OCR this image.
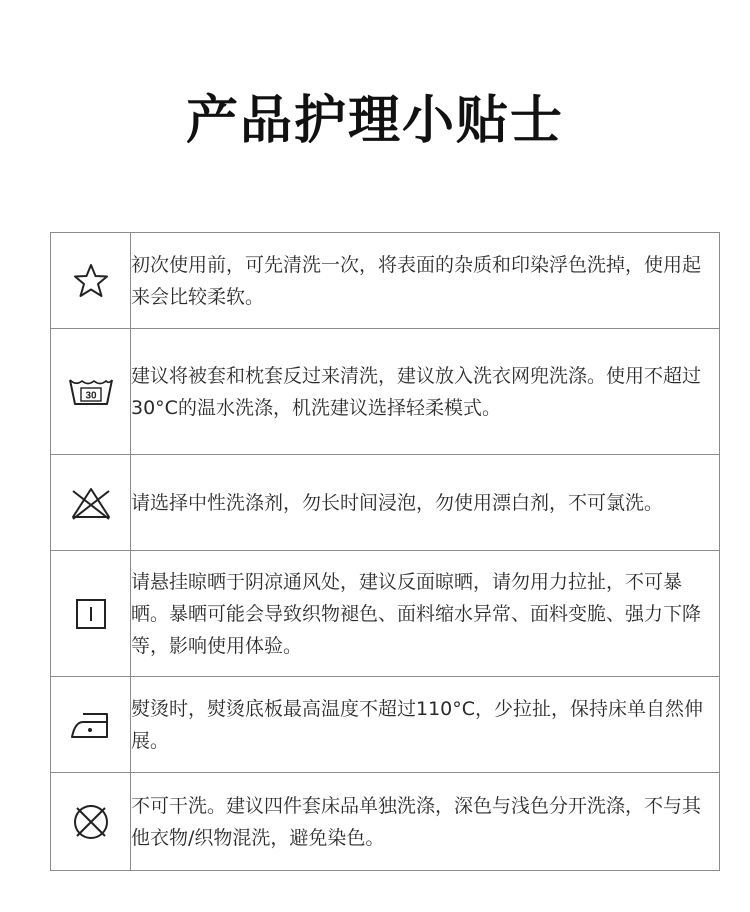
产品护理小贴士
	初次使用前，可先清洗一次，将表面的杂质和印染浮色洗掉，使用起来会比较柔软。

30	建议将被套和枕套反过来清洗，建议放入洗衣网兜洗涤。使用不超过30°C的温水洗涤，机洗建议选择轻柔模式。

	请选择中性洗涤剂，勿长时间浸泡，勿使用漂白剂，不可氯洗。

	请悬挂晾晒于阴凉通风处，建议反面晾晒，请勿用力拉扯，不可暴晒。暴晒可能会导致织物褪色、面料缩水异常、面料变脆、强力下降等，影响使用体验。

	熨烫时，熨烫底板最高温度不超过110°C，少拉扯，保持床单自然伸展。

	不可干洗。建议四件套床品单独洗涤，深色与浅色分开洗涤，不与其他衣物/织物混洗，避免染色。
